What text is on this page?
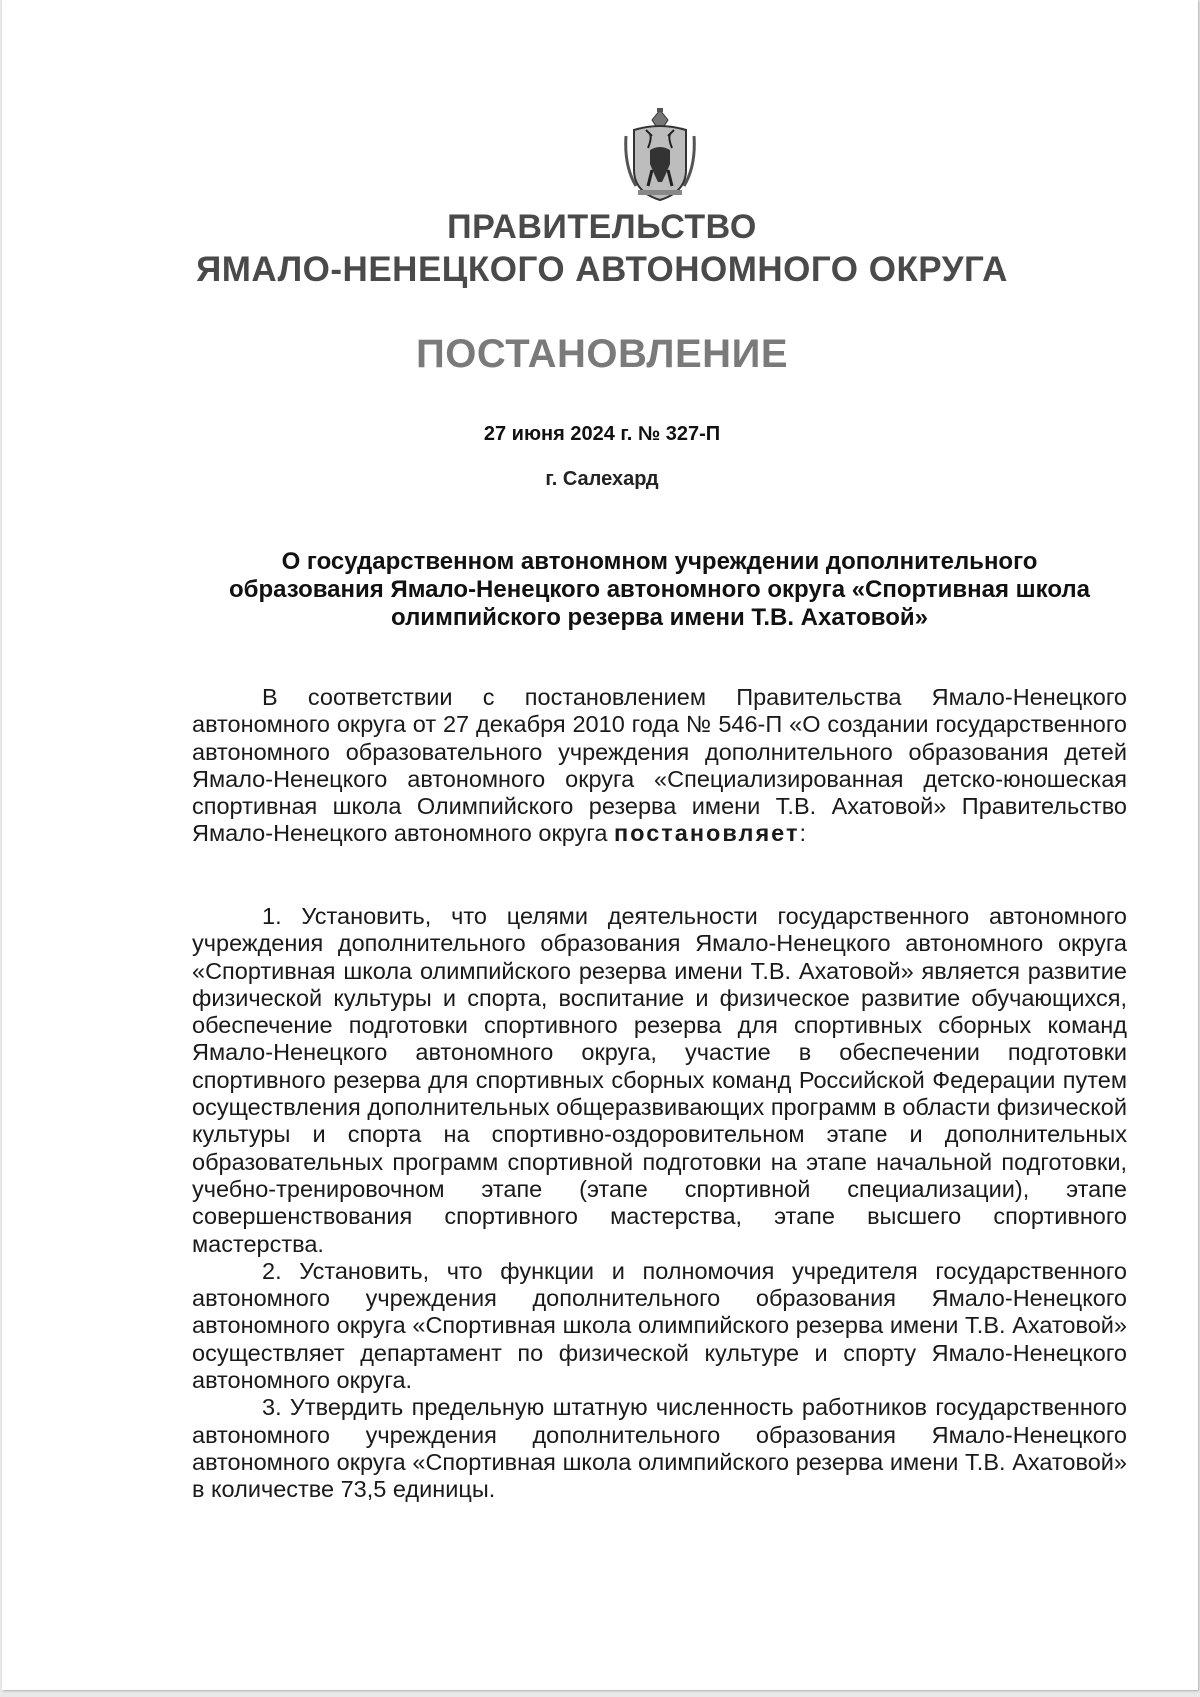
ПРАВИТЕЛЬСТВО
ЯМАЛО-НЕНЕЦКОГО АВТОНОМНОГО ОКРУГА
ПОСТАНОВЛЕНИЕ
27 июня 2024 г. № 327-П
г. Салехард
О государственном автономном учреждении дополнительного
образования Ямало-Ненецкого автономного округа «Спортивная школа
олимпийского резерва имени Т.В. Ахатовой»

В соответствии с постановлением Правительства Ямало-Ненецкого автономного округа от 27 декабря 2010 года № 546-П «О создании государственного автономного образовательного учреждения дополнительного образования детей Ямало-Ненецкого автономного округа «Специализированная детско-юношеская спортивная школа Олимпийского резерва имени Т.В. Ахатовой» Правительство Ямало-Ненецкого автономного округа постановляет:

1. Установить, что целями деятельности государственного автономного учреждения дополнительного образования Ямало-Ненецкого автономного округа «Спортивная школа олимпийского резерва имени Т.В. Ахатовой» является развитие физической культуры и спорта, воспитание и физическое развитие обучающихся, обеспечение подготовки спортивного резерва для спортивных сборных команд Ямало-Ненецкого автономного округа, участие в обеспечении подготовки спортивного резерва для спортивных сборных команд Российской Федерации путем осуществления дополнительных общеразвивающих программ в области физической культуры и спорта на спортивно-оздоровительном этапе и дополнительных образовательных программ спортивной подготовки на этапе начальной подготовки, учебно-тренировочном этапе (этапе спортивной специализации), этапе совершенствования спортивного мастерства, этапе высшего спортивного мастерства.

2. Установить, что функции и полномочия учредителя государственного автономного учреждения дополнительного образования Ямало-Ненецкого автономного округа «Спортивная школа олимпийского резерва имени Т.В. Ахатовой» осуществляет департамент по физической культуре и спорту Ямало-Ненецкого автономного округа.

3. Утвердить предельную штатную численность работников государственного автономного учреждения дополнительного образования Ямало-Ненецкого автономного округа «Спортивная школа олимпийского резерва имени Т.В. Ахатовой» в количестве 73,5 единицы.
